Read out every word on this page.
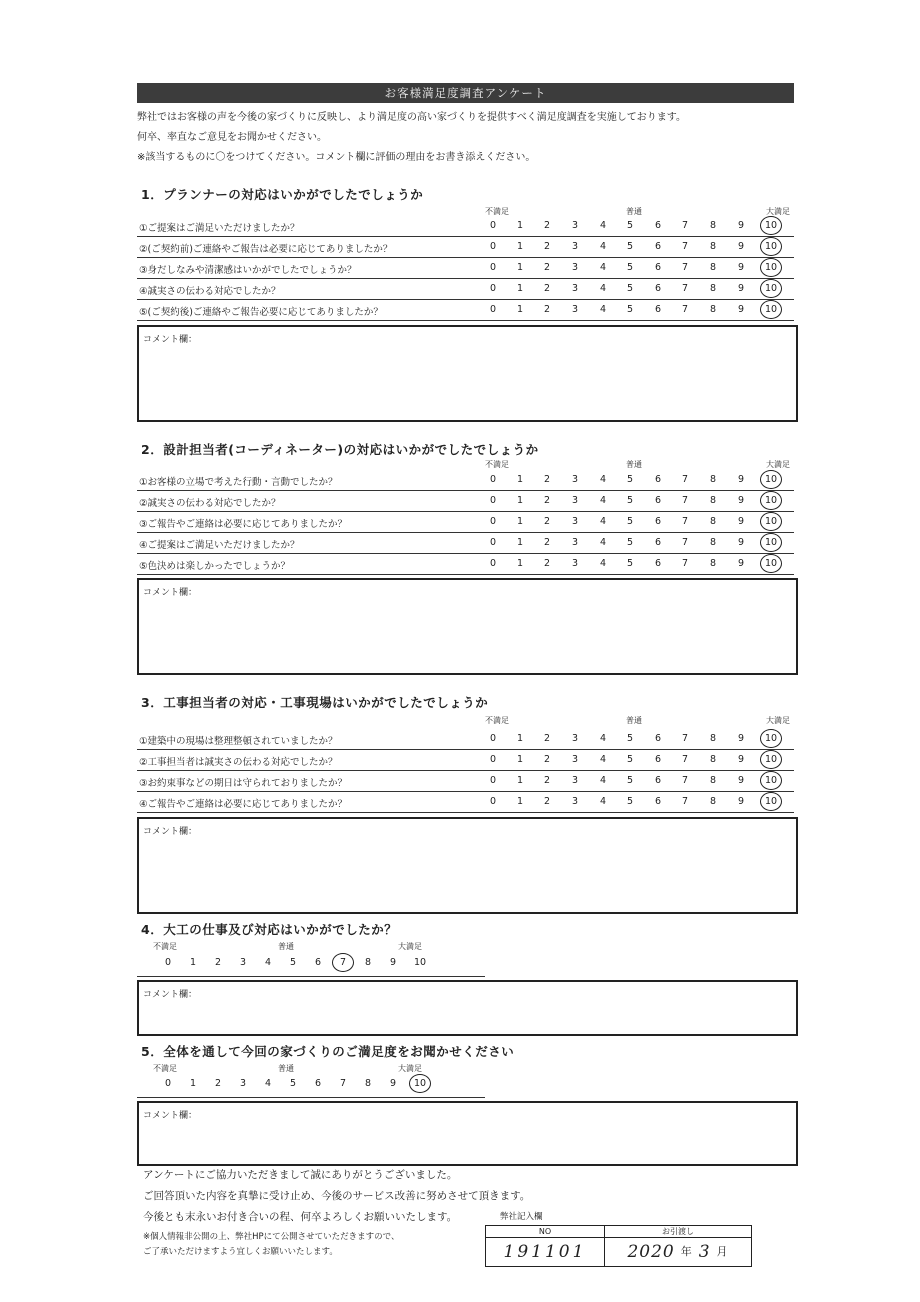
お客様満足度調査アンケート
弊社ではお客様の声を今後の家づくりに反映し、より満足度の高い家づくりを提供すべく満足度調査を実施しております。
何卒、率直なご意見をお聞かせください。
※該当するものに〇をつけてください。コメント欄に評価の理由をお書き添えください。
1．プランナーの対応はいかがでしたでしょうか
不満足	普通	大満足
①ご提案はご満足いただけましたか？	0	1	2	3	4	5	6	7	8	9	10
②(ご契約前)ご連絡やご報告は必要に応じてありましたか？	0	1	2	3	4	5	6	7	8	9	10
③身だしなみや清潔感はいかがでしたでしょうか？	0	1	2	3	4	5	6	7	8	9	10
④誠実さの伝わる対応でしたか？	0	1	2	3	4	5	6	7	8	9	10
⑤(ご契約後)ご連絡やご報告必要に応じてありましたか？	0	1	2	3	4	5	6	7	8	9	10
コメント欄：
2．設計担当者(コーディネーター)の対応はいかがでしたでしょうか
不満足	普通	大満足
①お客様の立場で考えた行動・言動でしたか？	0	1	2	3	4	5	6	7	8	9	10
②誠実さの伝わる対応でしたか？	0	1	2	3	4	5	6	7	8	9	10
③ご報告やご連絡は必要に応じてありましたか？	0	1	2	3	4	5	6	7	8	9	10
④ご提案はご満足いただけましたか？	0	1	2	3	4	5	6	7	8	9	10
⑤色決めは楽しかったでしょうか？	0	1	2	3	4	5	6	7	8	9	10
コメント欄：
3．工事担当者の対応・工事現場はいかがでしたでしょうか
不満足	普通	大満足
①建築中の現場は整理整頓されていましたか？	0	1	2	3	4	5	6	7	8	9	10
②工事担当者は誠実さの伝わる対応でしたか？	0	1	2	3	4	5	6	7	8	9	10
③お約束事などの期日は守られておりましたか？	0	1	2	3	4	5	6	7	8	9	10
④ご報告やご連絡は必要に応じてありましたか？	0	1	2	3	4	5	6	7	8	9	10
コメント欄：
4．大工の仕事及び対応はいかがでしたか？
不満足	普通	大満足
0	1	2	3	4	5	6	7	8	9	10
コメント欄：
5．全体を通して今回の家づくりのご満足度をお聞かせください
不満足	普通	大満足
0	1	2	3	4	5	6	7	8	9	10
コメント欄：
アンケートにご協力いただきまして誠にありがとうございました。
ご回答頂いた内容を真摯に受け止め、今後のサービス改善に努めさせて頂きます。
今後とも末永いお付き合いの程、何卒よろしくお願いいたします。
※個人情報非公開の上、弊社HPにて公開させていただきますので、
ご了承いただけますよう宜しくお願いいたします。
弊社記入欄
NO	お引渡し
191101	2020 年 3 月
